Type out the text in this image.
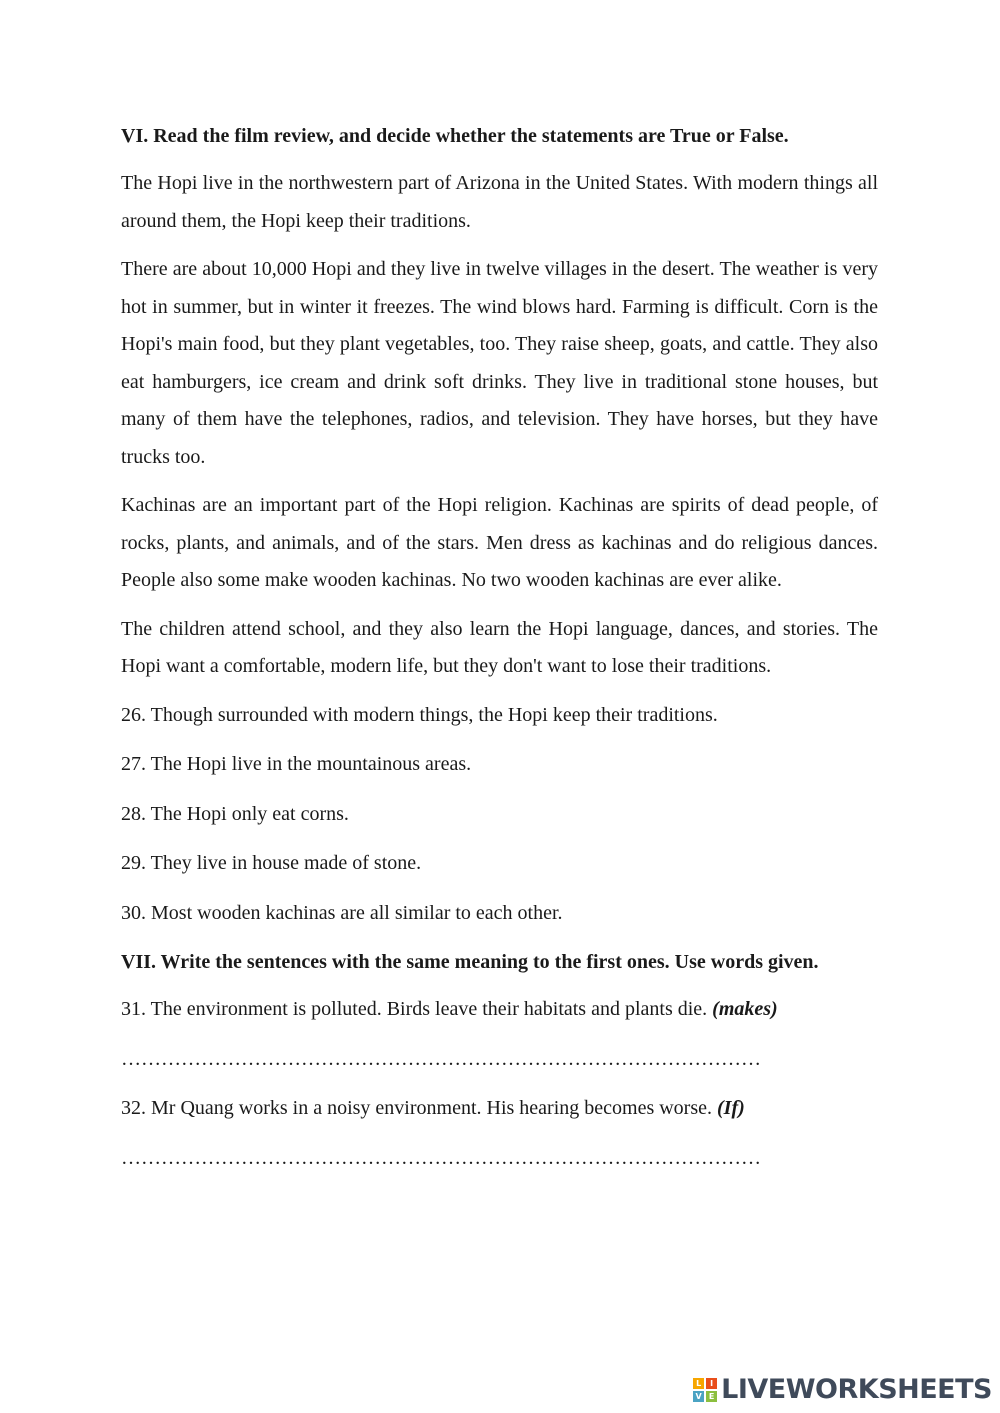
VI. Read the film review, and decide whether the statements are True or False.

The Hopi live in the northwestern part of Arizona in the United States. With modern things all around them, the Hopi keep their traditions.

There are about 10,000 Hopi and they live in twelve villages in the desert. The weather is very hot in summer, but in winter it freezes. The wind blows hard. Farming is difficult. Corn is the Hopi's main food, but they plant vegetables, too. They raise sheep, goats, and cattle. They also eat hamburgers, ice cream and drink soft drinks. They live in traditional stone houses, but many of them have the telephones, radios, and television. They have horses, but they have trucks too.

Kachinas are an important part of the Hopi religion. Kachinas are spirits of dead people, of rocks, plants, and animals, and of the stars. Men dress as kachinas and do religious dances. People also some make wooden kachinas. No two wooden kachinas are ever alike.

The children attend school, and they also learn the Hopi language, dances, and stories. The Hopi want a comfortable, modern life, but they don't want to lose their traditions.

26. Though surrounded with modern things, the Hopi keep their traditions.
27. The Hopi live in the mountainous areas.
28. The Hopi only eat corns.
29. They live in house made of stone.
30. Most wooden kachinas are all similar to each other.
VII. Write the sentences with the same meaning to the first ones. Use words given.
31. The environment is polluted. Birds leave their habitats and plants die. (makes)
……………………………………………………………………………………
32. Mr Quang works in a noisy environment. His hearing becomes worse. (If)
……………………………………………………………………………………
L	I
V E LIVEWORKSHEETS
